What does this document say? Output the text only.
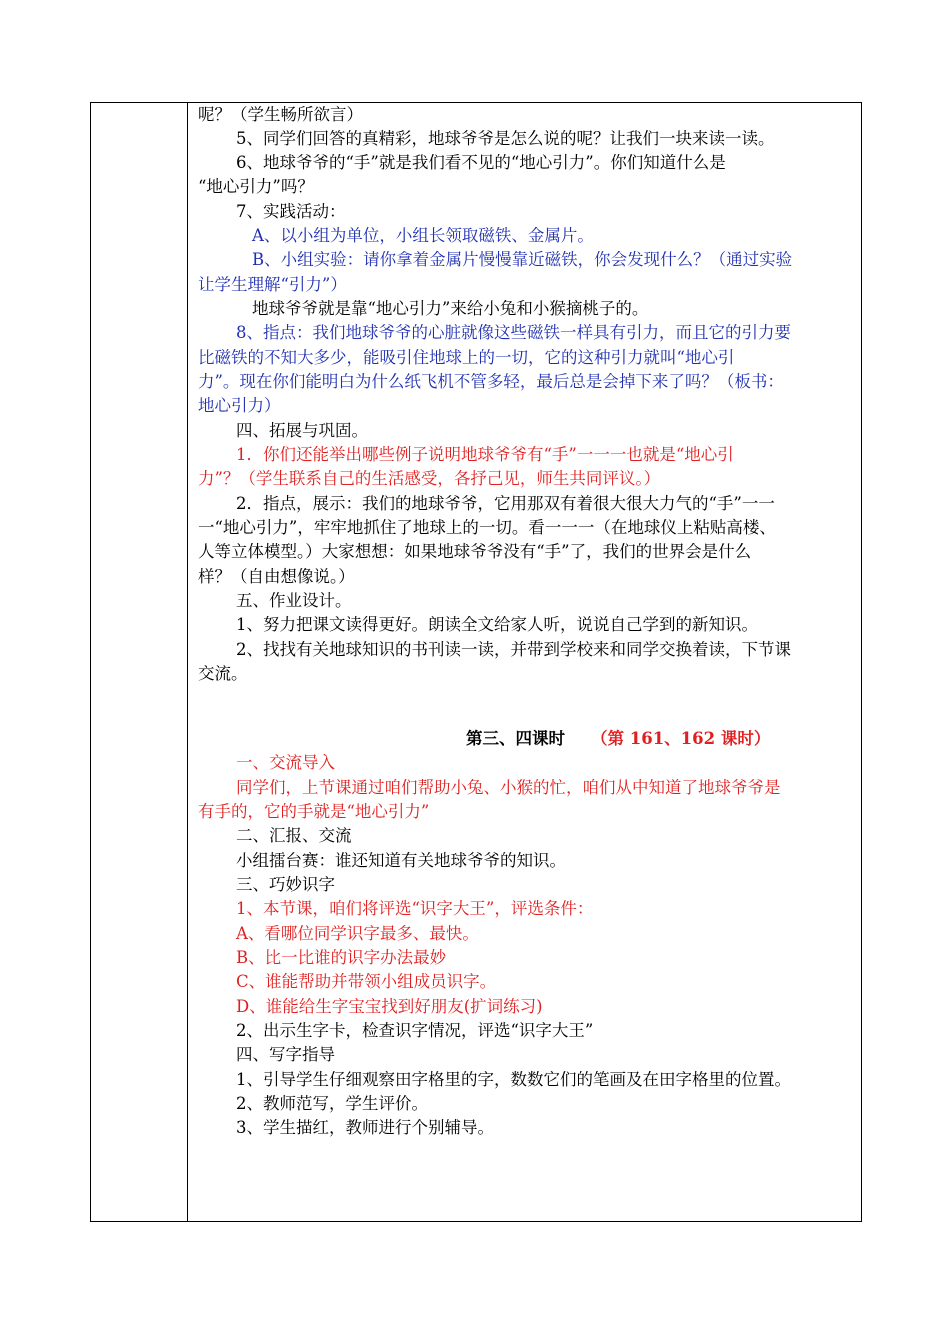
呢？（学生畅所欲言）
5、同学们回答的真精彩，地球爷爷是怎么说的呢？让我们一块来读一读。
6、地球爷爷的“手”就是我们看不见的“地心引力”。你们知道什么是
“地心引力”吗？
7、实践活动：
A、以小组为单位，小组长领取磁铁、金属片。
B、小组实验：请你拿着金属片慢慢靠近磁铁，你会发现什么？（通过实验
让学生理解“引力”）
地球爷爷就是靠“地心引力”来给小兔和小猴摘桃子的。
8、指点：我们地球爷爷的心脏就像这些磁铁一样具有引力，而且它的引力要
比磁铁的不知大多少，能吸引住地球上的一切，它的这种引力就叫“地心引
力”。现在你们能明白为什么纸飞机不管多轻，最后总是会掉下来了吗？（板书：
地心引力）
四、拓展与巩固。
1．你们还能举出哪些例子说明地球爷爷有“手”一一一也就是“地心引
力”？（学生联系自己的生活感受，各抒己见，师生共同评议。）
2．指点，展示：我们的地球爷爷，它用那双有着很大很大力气的“手”一一
一“地心引力”，牢牢地抓住了地球上的一切。看一一一（在地球仪上粘贴高楼、
人等立体模型。）大家想想：如果地球爷爷没有“手”了，我们的世界会是什么
样？（自由想像说。）
五、作业设计。
1、努力把课文读得更好。朗读全文给家人听，说说自己学到的新知识。
2、找找有关地球知识的书刊读一读，并带到学校来和同学交换着读，下节课
交流。
第三、四课时 （第 161、162 课时）
一、交流导入
同学们，上节课通过咱们帮助小兔、小猴的忙，咱们从中知道了地球爷爷是
有手的，它的手就是“地心引力”
二、汇报、交流
小组擂台赛：谁还知道有关地球爷爷的知识。
三、巧妙识字
1、本节课，咱们将评选“识字大王”，评选条件：
A、看哪位同学识字最多、最快。
B、比一比谁的识字办法最妙
C、谁能帮助并带领小组成员识字。
D、谁能给生字宝宝找到好朋友(扩词练习)
2、出示生字卡，检查识字情况，评选“识字大王”
四、写字指导
1、引导学生仔细观察田字格里的字，数数它们的笔画及在田字格里的位置。
2、教师范写，学生评价。
3、学生描红，教师进行个别辅导。
